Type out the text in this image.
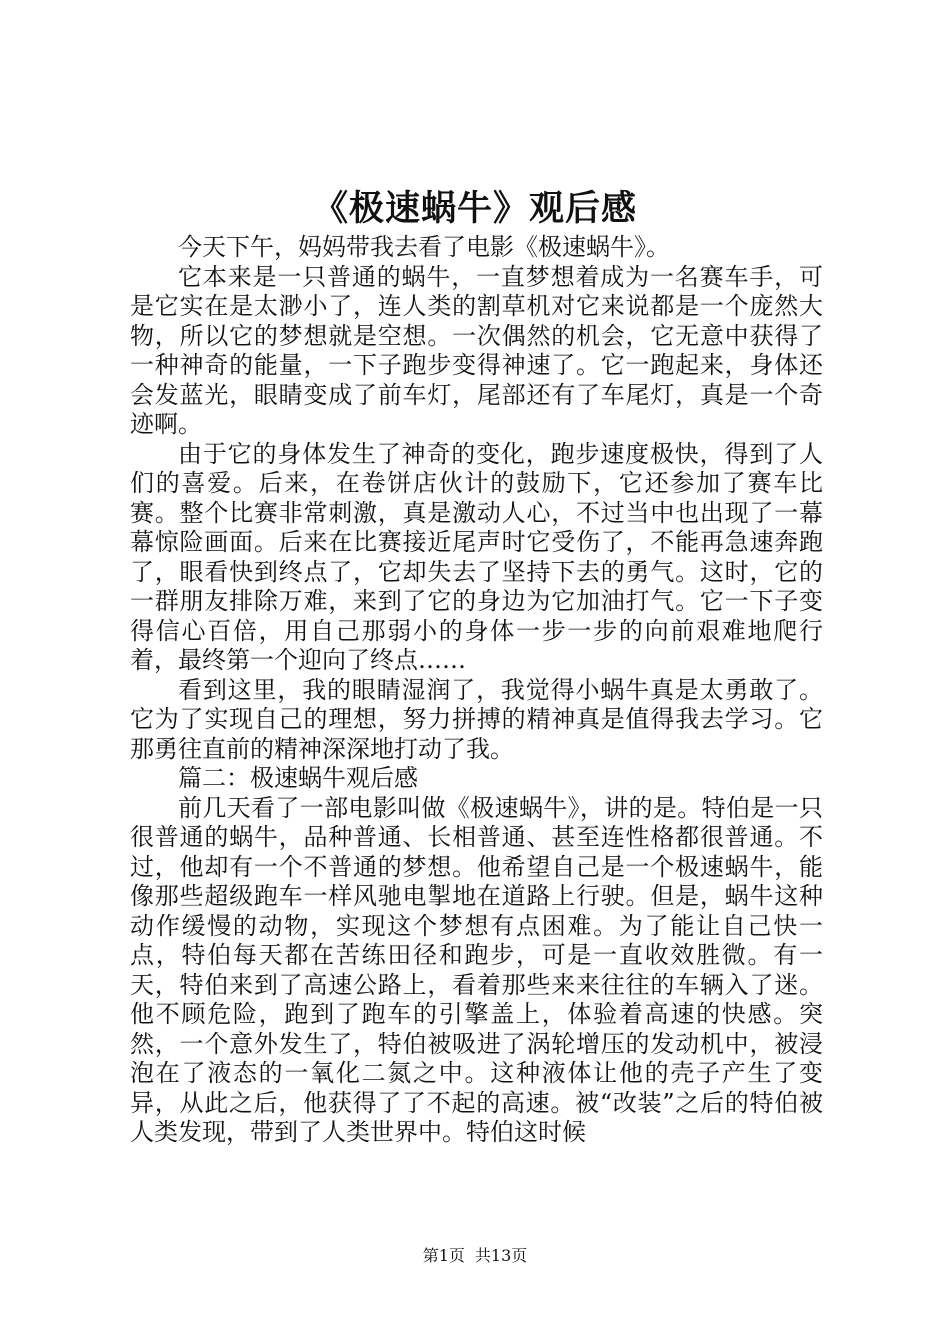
《极速蜗牛》观后感

今天下午，妈妈带我去看了电影《极速蜗牛》。

它本来是一只普通的蜗牛，一直梦想着成为一名赛车手，可是它实在是太渺小了，连人类的割草机对它来说都是一个庞然大物，所以它的梦想就是空想。一次偶然的机会，它无意中获得了一种神奇的能量，一下子跑步变得神速了。它一跑起来，身体还会发蓝光，眼睛变成了前车灯，尾部还有了车尾灯，真是一个奇迹啊。

由于它的身体发生了神奇的变化，跑步速度极快，得到了人们的喜爱。后来，在卷饼店伙计的鼓励下，它还参加了赛车比赛。整个比赛非常刺激，真是激动人心，不过当中也出现了一幕幕惊险画面。后来在比赛接近尾声时它受伤了，不能再急速奔跑了，眼看快到终点了，它却失去了坚持下去的勇气。这时，它的一群朋友排除万难，来到了它的身边为它加油打气。它一下子变得信心百倍，用自己那弱小的身体一步一步的向前艰难地爬行着，最终第一个迎向了终点……

看到这里，我的眼睛湿润了，我觉得小蜗牛真是太勇敢了。它为了实现自己的理想，努力拼搏的精神真是值得我去学习。它那勇往直前的精神深深地打动了我。

篇二：极速蜗牛观后感

前几天看了一部电影叫做《极速蜗牛》，讲的是。特伯是一只很普通的蜗牛，品种普通、长相普通、甚至连性格都很普通。不过，他却有一个不普通的梦想。他希望自己是一个极速蜗牛，能像那些超级跑车一样风驰电掣地在道路上行驶。但是，蜗牛这种动作缓慢的动物，实现这个梦想有点困难。为了能让自己快一点，特伯每天都在苦练田径和跑步，可是一直收效胜微。有一天，特伯来到了高速公路上，看着那些来来往往的车辆入了迷。他不顾危险，跑到了跑车的引擎盖上，体验着高速的快感。突然，一个意外发生了，特伯被吸进了涡轮增压的发动机中，被浸泡在了液态的一氧化二氮之中。这种液体让他的壳子产生了变异，从此之后，他获得了了不起的高速。被“改装”之后的特伯被人类发现，带到了人类世界中。特伯这时候

第1页 共13页
